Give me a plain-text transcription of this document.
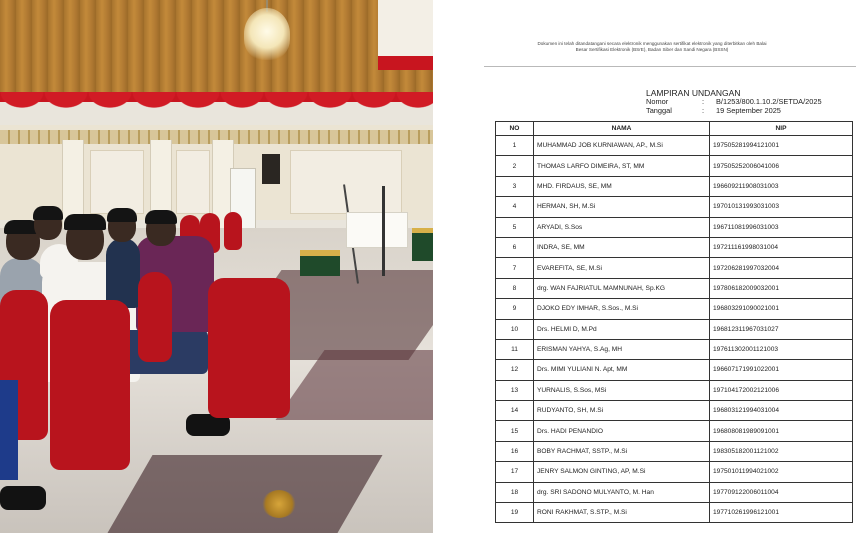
Dokumen ini telah ditandatangani secara elektronik menggunakan sertifikat elektronik yang diterbitkan oleh Balai Besar Sertifikasi Elektronik (BSrE), Badan Siber dan Sandi Negara (BSSN)
LAMPIRAN UNDANGAN
Nomor	: B/1253/800.1.10.2/SETDA/2025
Tanggal	: 19 September 2025
NO	NAMA	NIP
1	MUHAMMAD JOB KURNIAWAN, AP., M.Si	197505281994121001
2	THOMAS LARFO DIMEIRA, ST, MM	197505252006041006
3	MHD. FIRDAUS, SE, MM	196609211908031003
4	HERMAN, SH, M.Si	197010131993031003
5	ARYADI, S.Sos	196711081996031003
6	INDRA, SE, MM	197211161998031004
7	EVAREFITA, SE, M.Si	197206281997032004
8	drg. WAN FAJRIATUL MAMNUNAH, Sp.KG	197806182009032001
9	DJOKO EDY IMHAR, S.Sos., M.Si	196803291090021001
10	Drs. HELMI D, M.Pd	196812311967031027
11	ERISMAN YAHYA, S.Ag, MH	197611302001121003
12	Drs. MIMI YULIANI N. Apt, MM	196607171991022001
13	YURNALIS, S.Sos, MSi	197104172002121006
14	RUDYANTO, SH, M.Si	196803121994031004
15	Drs. HADI PENANDIO	196808081989091001
16	BOBY RACHMAT, SSTP., M.Si	198305182001121002
17	JENRY SALMON GINTING, AP, M.Si	197501011994021002
18	drg. SRI SADONO MULYANTO, M. Han	197709122006011004
19	RONI RAKHMAT, S.STP., M.Si	197710261996121001
